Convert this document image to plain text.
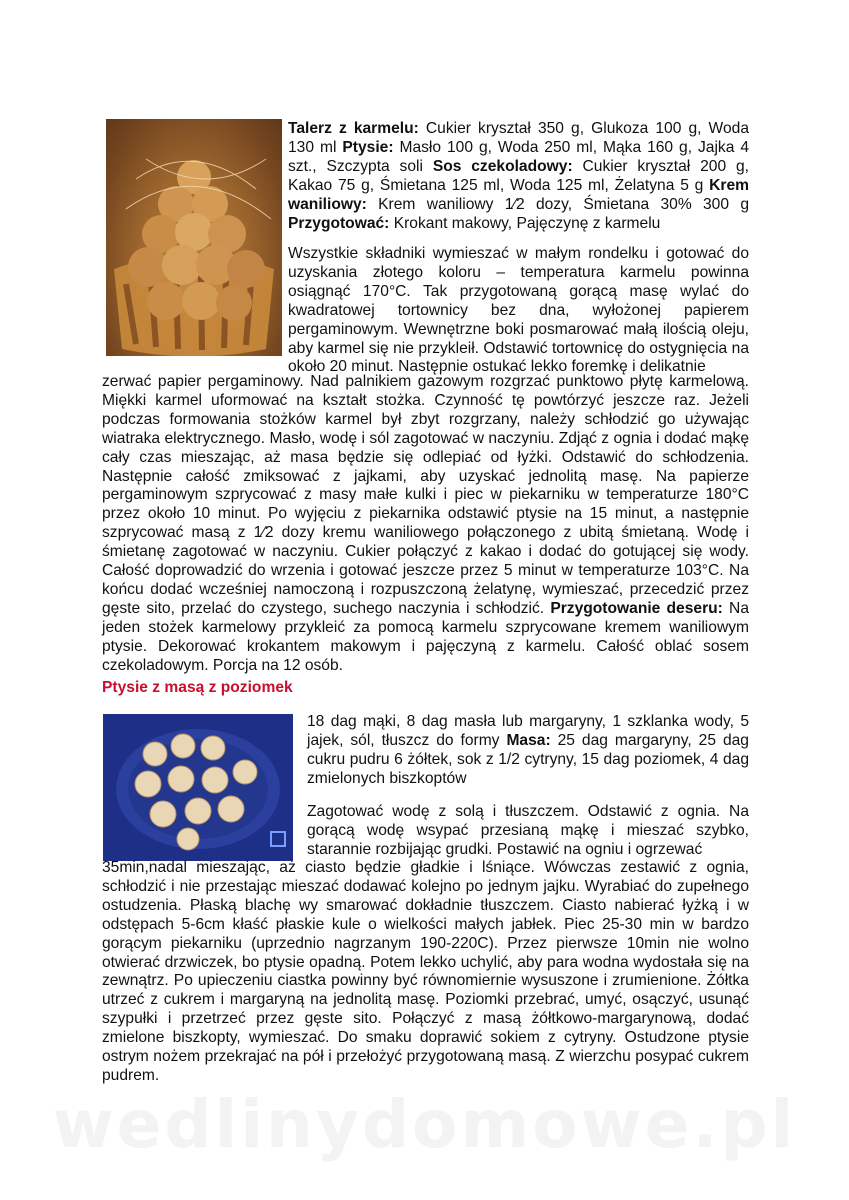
Talerz z karmelu: Cukier kryształ 350 g, Glukoza 100 g, Woda 130 ml Ptysie: Masło 100 g, Woda 250 ml, Mąka 160 g, Jajka 4 szt., Szczypta soli Sos czekoladowy: Cukier kryształ 200 g, Kakao 75 g, Śmietana 125 ml, Woda 125 ml, Żelatyna 5 g Krem waniliowy: Krem waniliowy 1⁄2 dozy, Śmietana 30% 300 g Przygotować: Krokant makowy, Pajęczynę z karmelu

Wszystkie składniki wymieszać w małym rondelku i gotować do uzyskania złotego koloru – temperatura karmelu powinna osiągnąć 170°C. Tak przygotowaną gorącą masę wylać do kwadratowej tortownicy bez dna, wyłożonej papierem pergaminowym. Wewnętrzne boki posmarować małą ilością oleju, aby karmel się nie przykleił. Odstawić tortownicę do ostygnięcia na około 20 minut. Następnie ostukać lekko foremkę i delikatnie

zerwać papier pergaminowy. Nad palnikiem gazowym rozgrzać punktowo płytę karmelową. Miękki karmel uformować na kształt stożka. Czynność tę powtórzyć jeszcze raz. Jeżeli podczas formowania stożków karmel był zbyt rozgrzany, należy schłodzić go używając wiatraka elektrycznego. Masło, wodę i sól zagotować w naczyniu. Zdjąć z ognia i dodać mąkę cały czas mieszając, aż masa będzie się odlepiać od łyżki. Odstawić do schłodzenia. Następnie całość zmiksować z jajkami, aby uzyskać jednolitą masę. Na papierze pergaminowym szprycować z masy małe kulki i piec w piekarniku w temperaturze 180°C przez około 10 minut. Po wyjęciu z piekarnika odstawić ptysie na 15 minut, a następnie szprycować masą z 1⁄2 dozy kremu waniliowego połączonego z ubitą śmietaną. Wodę i śmietanę zagotować w naczyniu. Cukier połączyć z kakao i dodać do gotującej się wody. Całość doprowadzić do wrzenia i gotować jeszcze przez 5 minut w temperaturze 103°C. Na końcu dodać wcześniej namoczoną i rozpuszczoną żelatynę, wymieszać, przecedzić przez gęste sito, przelać do czystego, suchego naczynia i schłodzić. Przygotowanie deseru: Na jeden stożek karmelowy przykleić za pomocą karmelu szprycowane kremem waniliowym ptysie. Dekorować krokantem makowym i pajęczyną z karmelu. Całość oblać sosem czekoladowym. Porcja na 12 osób.

Ptysie z masą z poziomek

18 dag mąki, 8 dag masła lub margaryny, 1 szklanka wody, 5 jajek, sól, tłuszcz do formy Masa: 25 dag margaryny, 25 dag cukru pudru 6 żółtek, sok z 1/2 cytryny, 15 dag poziomek, 4 dag zmielonych biszkoptów

Zagotować wodę z solą i tłuszczem. Odstawić z ognia. Na gorącą wodę wsypać przesianą mąkę i mieszać szybko, starannie rozbijając grudki. Postawić na ogniu i ogrzewać

35min,nadal mieszając, aż ciasto będzie gładkie i lśniące. Wówczas zestawić z ognia, schłodzić i nie przestając mieszać dodawać kolejno po jednym jajku. Wyrabiać do zupełnego ostudzenia. Płaską blachę wy smarować dokładnie tłuszczem. Ciasto nabierać łyżką i w odstępach 5-6cm kłaść płaskie kule o wielkości małych jabłek. Piec 25-30 min w bardzo gorącym piekarniku (uprzednio nagrzanym 190-220C). Przez pierwsze 10min nie wolno otwierać drzwiczek, bo ptysie opadną. Potem lekko uchylić, aby para wodna wydostała się na zewnątrz. Po upieczeniu ciastka powinny być równomiernie wysuszone i zrumienione. Żółtka utrzeć z cukrem i margaryną na jednolitą masę. Poziomki przebrać, umyć, osączyć, usunąć szypułki i przetrzeć przez gęste sito. Połączyć z masą żółtkowo-margarynową, dodać zmielone biszkopty, wymieszać. Do smaku doprawić sokiem z cytryny. Ostudzone ptysie ostrym nożem przekrajać na pół i przełożyć przygotowaną masą. Z wierzchu posypać cukrem pudrem.

wedlinydomowe.pl
